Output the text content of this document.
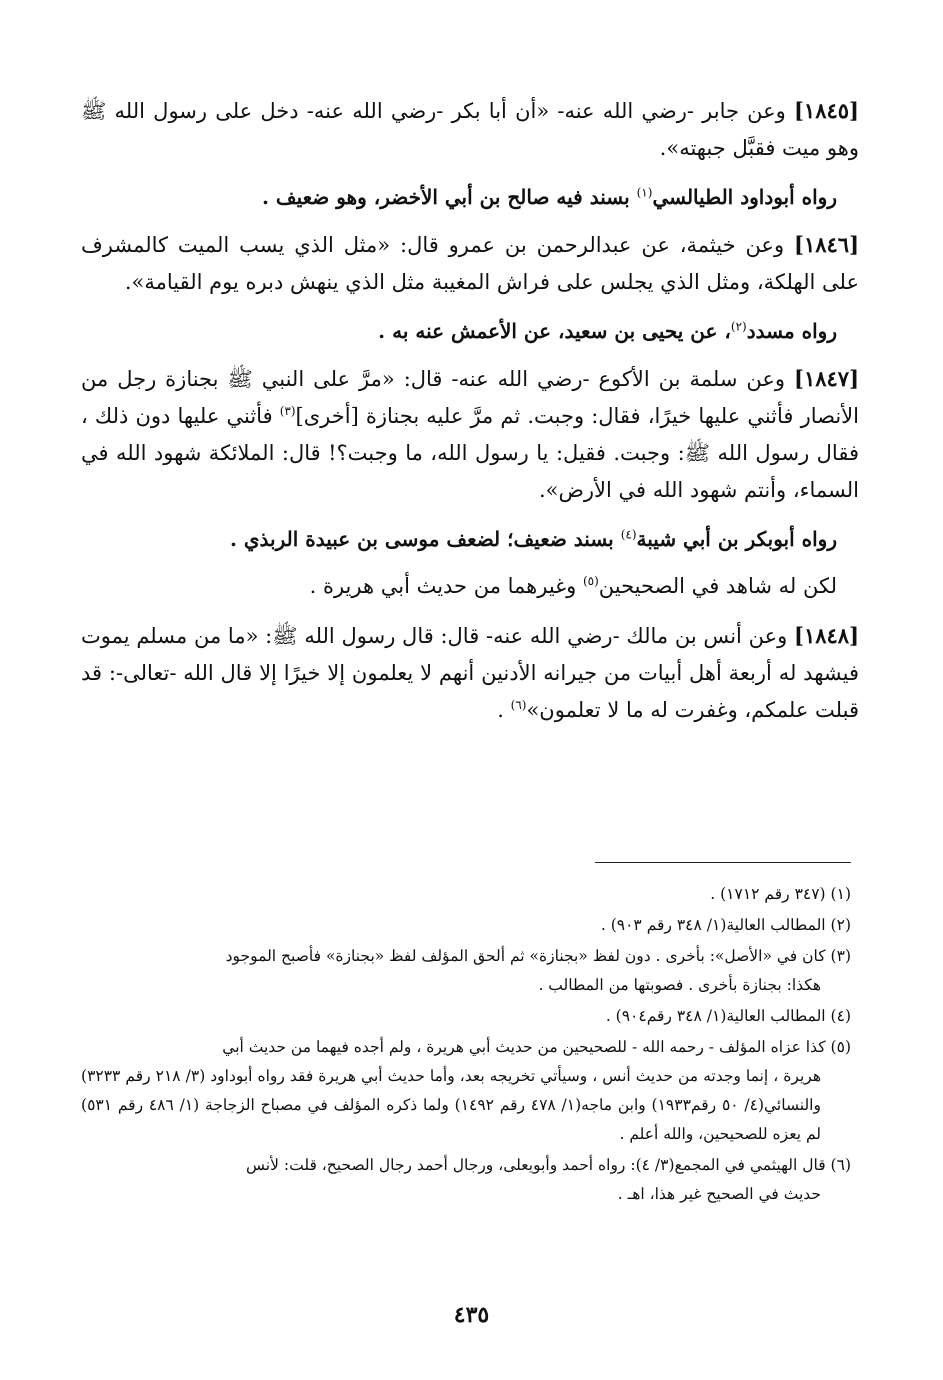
[١٨٤٥] وعن جابر -رضي الله عنه- «أن أبا بكر -رضي الله عنه- دخل على رسول الله ﷺ وهو ميت فقبَّل جبهته».

رواه أبوداود الطيالسي$^{(١)}$ بسند فيه صالح بن أبي الأخضر، وهو ضعيف .

[١٨٤٦] وعن خيثمة، عن عبدالرحمن بن عمرو قال: «مثل الذي يسب الميت كالمشرف على الهلكة، ومثل الذي يجلس على فراش المغيبة مثل الذي ينهش دبره يوم القيامة».

رواه مسدد$^{(٢)}$، عن يحيى بن سعيد، عن الأعمش عنه به .

[١٨٤٧] وعن سلمة بن الأكوع -رضي الله عنه- قال: «مرَّ على النبي ﷺ بجنازة رجل من الأنصار فأثني عليها خيرًا، فقال: وجبت. ثم مرَّ عليه بجنازة [أخرى]$^{(٣)}$ فأثني عليها دون ذلك ، فقال رسول الله ﷺ: وجبت. فقيل: يا رسول الله، ما وجبت؟! قال: الملائكة شهود الله في السماء، وأنتم شهود الله في الأرض».

رواه أبوبكر بن أبي شيبة$^{(٤)}$ بسند ضعيف؛ لضعف موسى بن عبيدة الربذي .

لكن له شاهد في الصحيحين$^{(٥)}$ وغيرهما من حديث أبي هريرة .

[١٨٤٨] وعن أنس بن مالك -رضي الله عنه- قال: قال رسول الله ﷺ: «ما من مسلم يموت فيشهد له أربعة أهل أبيات من جيرانه الأدنين أنهم لا يعلمون إلا خيرًا إلا قال الله -تعالى-: قد قبلت علمكم، وغفرت له ما لا تعلمون»$^{(٦)}$ .

(١) (٣٤٧ رقم ١٧١٢) .

(٢) المطالب العالية(١/ ٣٤٨ رقم ٩٠٣) .

(٣) كان في «الأصل»: بأخرى . دون لفظ «بجنازة» ثم ألحق المؤلف لفظ «بجنازة» فأصبح الموجود
هكذا: بجنازة بأخرى . فصوبتها من المطالب .

(٤) المطالب العالية(١/ ٣٤٨ رقم٩٠٤) .

(٥) كذا عزاه المؤلف - رحمه الله - للصحيحين من حديث أبي هريرة ، ولم أجده فيهما من حديث أبي
هريرة ، إنما وجدته من حديث أنس ، وسيأتي تخريجه بعد، وأما حديث أبي هريرة فقد رواه أبوداود (٣/ ٢١٨ رقم ٣٢٣٣) والنسائي(٤/ ٥٠ رقم١٩٣٣) وابن ماجه(١/ ٤٧٨ رقم ١٤٩٢) ولما ذكره المؤلف في مصباح الزجاجة (١/ ٤٨٦ رقم ٥٣١) لم يعزه للصحيحين، والله أعلم .

(٦) قال الهيثمي في المجمع(٣/ ٤): رواه أحمد وأبويعلى، ورجال أحمد رجال الصحيح، قلت: لأنس
حديث في الصحيح غير هذا، اهـ .

٤٣٥
